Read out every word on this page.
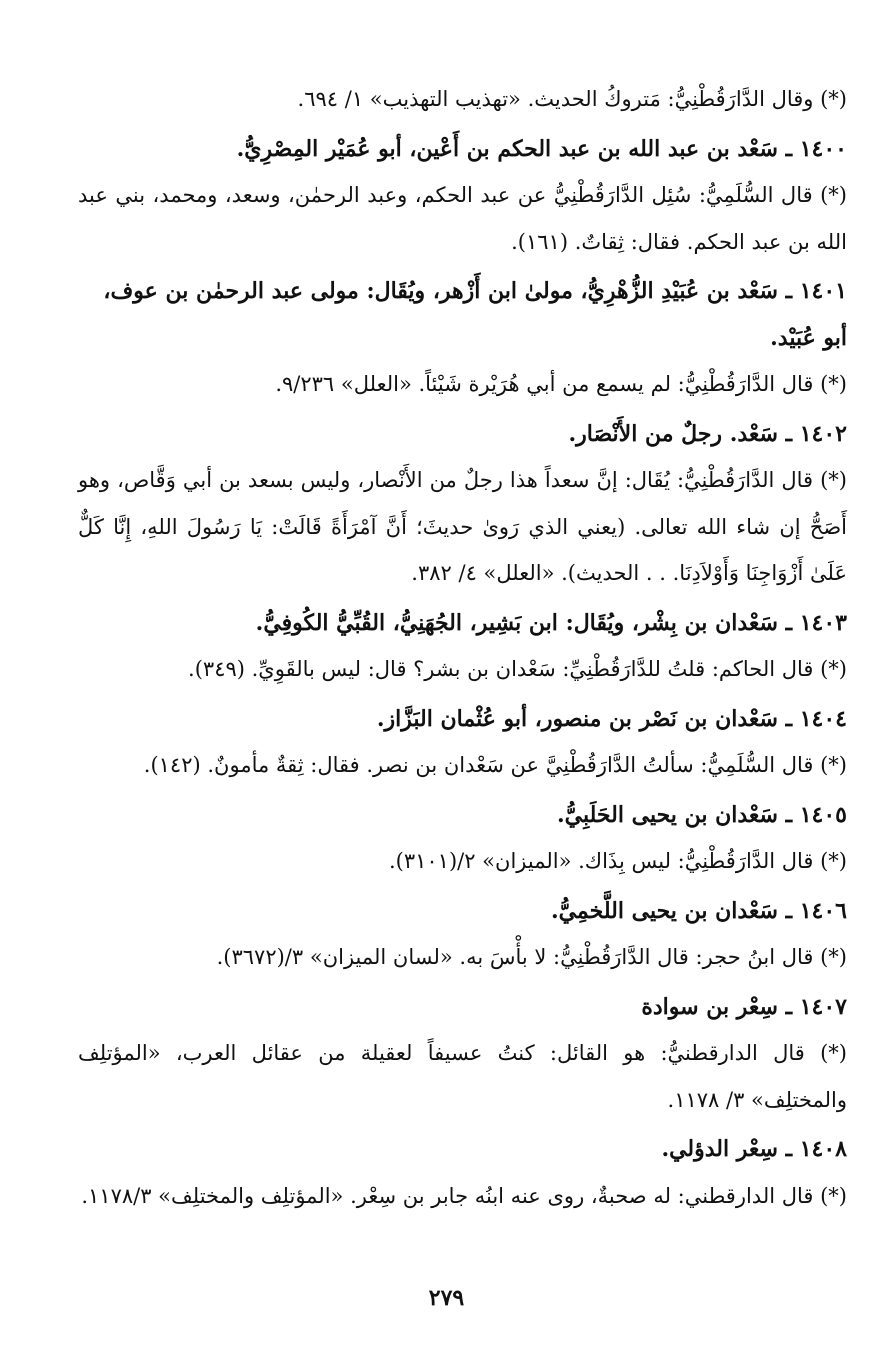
(*) وقال الدَّارَقُطْنِيُّ: مَتروكُ الحديث. «تهذيب التهذيب» ١/ ٦٩٤.
١٤٠٠ ـ سَعْد بن عبد الله بن عبد الحكم بن أَعْين، أبو عُمَيْر المِصْرِيُّ.
(*) قال السُّلَمِيُّ: سُئِل الدَّارَقُطْنِيُّ عن عبد الحكم، وعبد الرحمٰن، وسعد، ومحمد، بني عبد الله بن عبد الحكم. فقال: ثِقاتٌ. (١٦١).
١٤٠١ ـ سَعْد بن عُبَيْدِ الزُّهْرِيُّ، مولىٰ ابن أَزْهر، ويُقَال: مولى عبد الرحمٰن بن عوف، أبو عُبَيْد.
(*) قال الدَّارَقُطْنِيُّ: لم يسمع من أبي هُرَيْرة شَيْئاً. «العلل» ٩/٢٣٦.
١٤٠٢ ـ سَعْد. رجلٌ من الأَنْصَار.
(*) قال الدَّارَقُطْنِيُّ: يُقَال: إنَّ سعداً هذا رجلٌ من الأَنْصار، وليس بسعد بن أبي وَقَّاص، وهو أَصَحُّ إن شاء الله تعالى. (يعني الذي رَوىٰ حديثَ؛ أَنَّ آمْرَأَةً قَالَتْ: يَا رَسُولَ اللهِ، إِنَّا كَلٌّ عَلَىٰ أَزْوَاجِنَا وَأَوْلاَدِنَا. . . الحديث). «العلل» ٤/ ٣٨٢.
١٤٠٣ ـ سَعْدان بن بِشْر، ويُقَال: ابن بَشِير، الجُهَنِيُّ، القُبِّيُّ الكُوفِيُّ.
(*) قال الحاكم: قلتُ للدَّارَقُطْنِيِّ: سَعْدان بن بشر؟ قال: ليس بالقَوِيِّ. (٣٤٩).
١٤٠٤ ـ سَعْدان بن نَصْر بن منصور، أبو عُثْمان البَزَّاز.
(*) قال السُّلَمِيُّ: سألتُ الدَّارَقُطْنِيَّ عن سَعْدان بن نصر. فقال: ثِقةٌ مأمونٌ. (١٤٢).
١٤٠٥ ـ سَعْدان بن يحيى الحَلَبِيُّ.
(*) قال الدَّارَقُطْنِيُّ: ليس بِذَاك. «الميزان» ٢/(٣١٠١).
١٤٠٦ ـ سَعْدان بن يحيى اللَّخمِيُّ.
(*) قال ابنُ حجر: قال الدَّارَقُطْنِيُّ: لا بأْسَ به. «لسان الميزان» ٣/(٣٦٧٢).
١٤٠٧ ـ سِعْر بن سوادة
(*) قال الدارقطنيُّ: هو القائل: كنتُ عسيفاً لعقيلة من عقائل العرب، «المؤتلِف والمختلِف» ٣/ ١١٧٨.
١٤٠٨ ـ سِعْر الدؤلي.
(*) قال الدارقطني: له صحبةٌ، روى عنه ابنُه جابر بن سِعْر. «المؤتلِف والمختلِف» ١١٧٨/٣.
٢٧٩
